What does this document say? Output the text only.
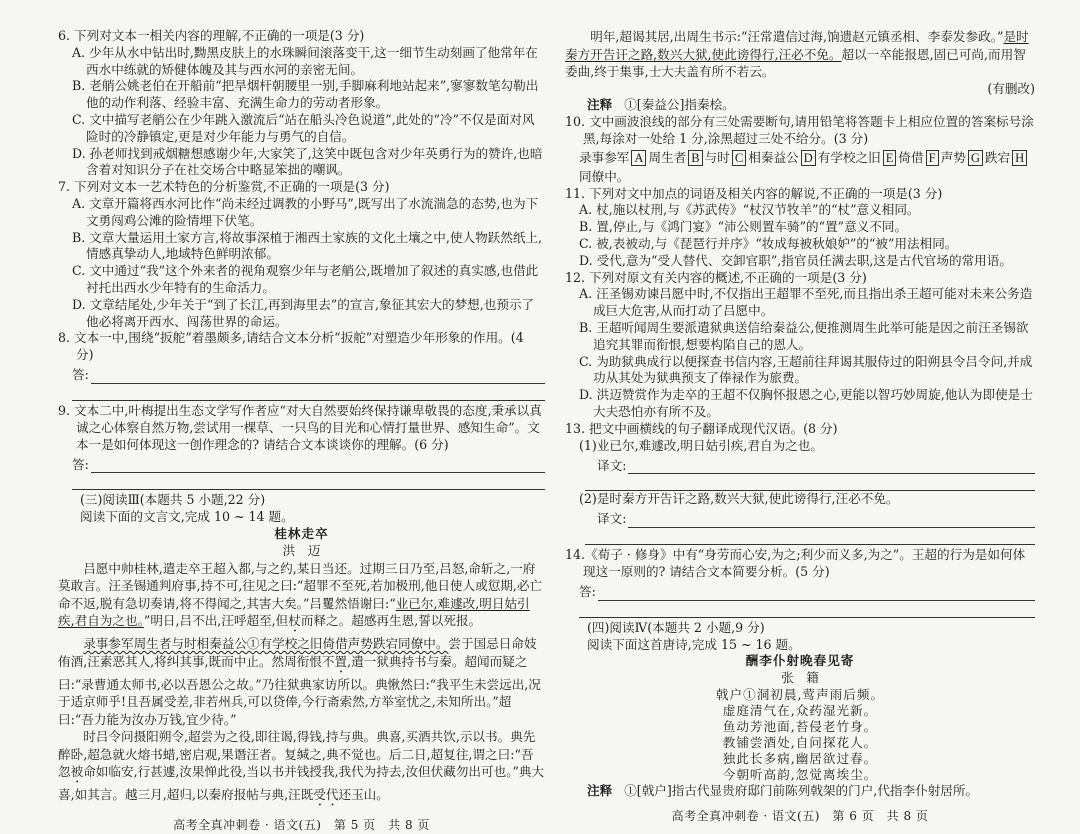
6. 下列对文本一相关内容的理解,不正确的一项是(3 分)
A. 少年从水中钻出时,黝黑皮肤上的水珠瞬间滚落变干,这一细节生动刻画了他常年在西水中练就的矫健体魄及其与西水河的亲密无间。
B. 老艄公姚老伯在开船前“把旱烟杆朝腰里一别,手脚麻利地站起来”,寥寥数笔勾勒出他的动作利落、经验丰富、充满生命力的劳动者形象。
C. 文中描写老艄公在少年跳入激流后“站在船头冷色说道”,此处的“冷”不仅是面对风险时的冷静镇定,更是对少年能力与勇气的自信。
D. 孙老师找到戒烟糖想感谢少年,大家笑了,这笑中既包含对少年英勇行为的赞许,也暗含着对知识分子在社交场合中略显笨拙的嘲讽。
7. 下列对文本一艺术特色的分析鉴赏,不正确的一项是(3 分)
A. 文章开篇将西水河比作“尚未经过调教的小野马”,既写出了水流湍急的态势,也为下文勇闯鸡公滩的险情埋下伏笔。
B. 文章大量运用土家方言,将故事深植于湘西土家族的文化土壤之中,使人物跃然纸上,情感真挚动人,地域特色鲜明浓郁。
C. 文中通过“我”这个外来者的视角观察少年与老艄公,既增加了叙述的真实感,也借此衬托出西水少年特有的生命活力。
D. 文章结尾处,少年关于“到了长江,再到海里去”的宣言,象征其宏大的梦想,也预示了他必将离开西水、闯荡世界的命运。
8. 文本一中,围绕“扳舵”着墨颇多,请结合文本分析“扳舵”对塑造少年形象的作用。(4 分)
答:
9. 文本二中,叶梅提出生态文学写作者应“对大自然要始终保持谦卑敬畏的态度,秉承以真诚之心体察自然万物,尝试用一棵草、一只鸟的目光和心情打量世界、感知生命”。文本一是如何体现这一创作理念的? 请结合文本谈谈你的理解。(6 分)
答:
(三)阅读Ⅲ(本题共 5 小题,22 分)
阅读下面的文言文,完成 10 ~ 14 题。
桂林走卒
洪　迈
吕愿中帅桂林,遣走卒王超入都,与之约,某日当还。过期三日乃至,吕怒,命斩之,一府莫敢言。汪圣锡通判府事,持不可,往见之曰:“超罪不至死,若加极刑,他日使人或愆期,必亡命不返,脱有急切奏请,将不得闻之,其害大矣。”吕矍然悟谢曰:“业已尔,难遽改,明日姑引疾,君自为之也。”明日,吕不出,汪呼超至,但杖而释之。超感再生恩,誓以死报。
录事参军周生者与时相秦益公①有学校之旧倚借声势跌宕同僚中。尝于国忌日命妓侑酒,汪素恶其人,将纠其事,既而中止。然周衔恨不置,遣一狱典持书与秦。超闻而疑之曰:“录曹通太师书,必以吾恩公之故。”乃往狱典家访所以。典愀然曰:“我平生未尝远出,况于适京师乎!且吾属受差,非若州兵,可以贷俸,今行斋索然,方举室忧之,未知所出。”超曰:“吾力能为汝办万钱,宜少待。”
时吕令问摄阳朔令,超尝为之役,即往谒,得钱,持与典。典喜,买酒共饮,示以书。典先醉卧,超急就火熔书蜡,密启观,果谮汪者。复缄之,典不觉也。后二日,超复往,谓之曰:“吾忽被命如临安,行甚遽,汝果惮此役,当以书并钱授我,我代为持去,汝但伏藏勿出可也。”典大喜,如其言。越三月,超归,以秦府报帖与典,汪既受代还玉山。
高考全真冲刺卷 · 语文(五)　第 5 页　共 8 页
明年,超谒其居,出周生书示:“汪常遣信过海,饷遗赵元镇丞相、李泰发参政。”是时秦方开告讦之路,数兴大狱,使此谤得行,汪必不免。超以一卒能报恩,固已可尚,而用智委曲,终于集事,士大夫盖有所不若云。
(有删改)
注释 ①[秦益公]指秦桧。
10. 文中画波浪线的部分有三处需要断句,请用铅笔将答题卡上相应位置的答案标号涂黑,每涂对一处给 1 分,涂黑超过三处不给分。(3 分)
录事参军 A 周生者 B 与时 C 相秦益公 D 有学校之旧 E 倚借 F 声势 G 跌宕 H同僚中。
11. 下列对文中加点的词语及相关内容的解说,不正确的一项是(3 分)
A. 杖,施以杖刑,与《苏武传》“杖汉节牧羊”的“杖”意义相同。
B. 置,停止,与《鸿门宴》“沛公则置车骑”的“置”意义不同。
C. 被,表被动,与《琵琶行并序》“妆成每被秋娘妒”的“被”用法相同。
D. 受代,意为“受人替代、交卸官职”,指官员任满去职,这是古代官场的常用语。
12. 下列对原文有关内容的概述,不正确的一项是(3 分)
A. 汪圣锡劝谏吕愿中时,不仅指出王超罪不至死,而且指出杀王超可能对未来公务造成巨大危害,从而打动了吕愿中。
B. 王超听闻周生要派遣狱典送信给秦益公,便推测周生此举可能是因之前汪圣锡欲追究其罪而衔恨,想要构陷自己的恩人。
C. 为助狱典成行以便探查书信内容,王超前往拜谒其服侍过的阳朔县令吕令问,并成功从其处为狱典预支了俸禄作为旅费。
D. 洪迈赞赏作为走卒的王超不仅胸怀报恩之心,更能以智巧妙周旋,他认为即使是士大夫恐怕亦有所不及。
13. 把文中画横线的句子翻译成现代汉语。(8 分)
(1)业已尔,难遽改,明日姑引疾,君自为之也。
译文:
(2)是时秦方开告讦之路,数兴大狱,使此谤得行,汪必不免。
译文:
14.《荀子 · 修身》中有“身劳而心安,为之;利少而义多,为之”。王超的行为是如何体现这一原则的? 请结合文本简要分析。(5 分)
答:
(四)阅读Ⅳ(本题共 2 小题,9 分)
阅读下面这首唐诗,完成 15 ~ 16 题。
酬李仆射晚春见寄
张　籍
戟户①洞初晨,莺声雨后频。
虚庭清气在,众药湿光新。
鱼动芳池面,苔侵老竹身。
教铺尝酒处,自问探花人。
独此长多病,幽居欲过春。
今朝听高韵,忽觉离埃尘。
注释 ①[戟户]指古代显贵府邸门前陈列戟架的门户,代指李仆射居所。
高考全真冲刺卷 · 语文(五)　第 6 页　共 8 页
